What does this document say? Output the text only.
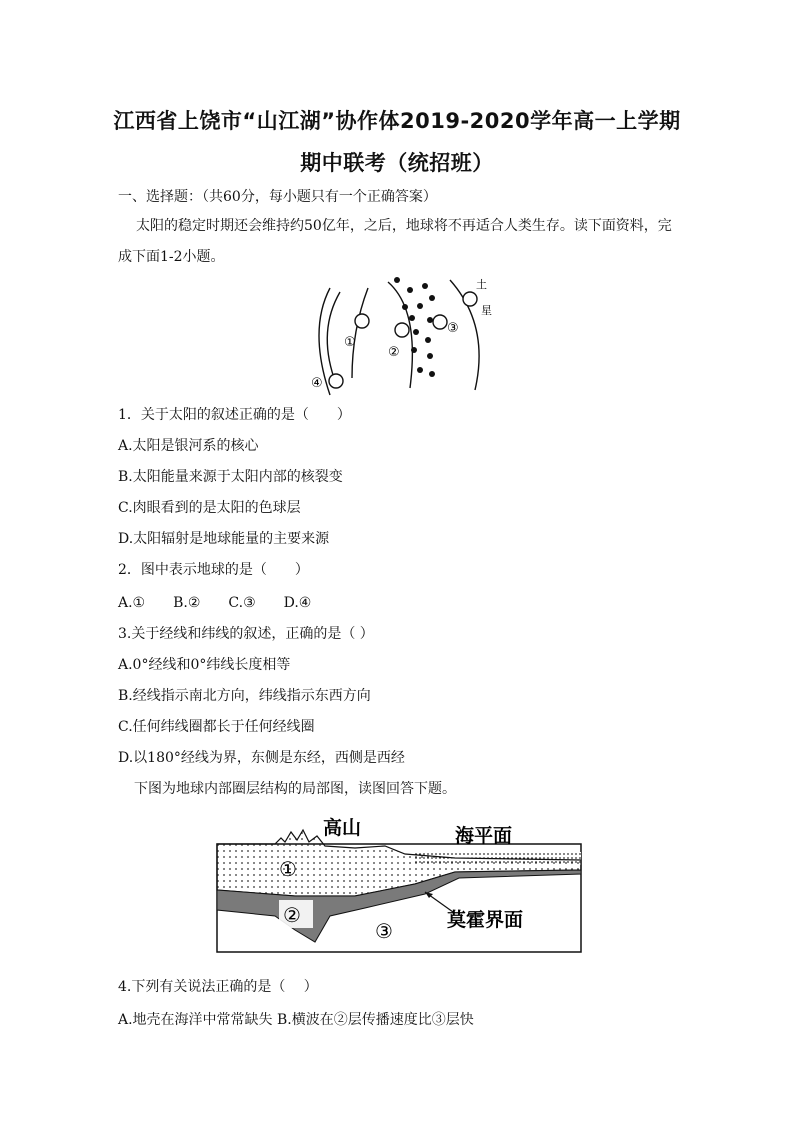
江西省上饶市“山江湖”协作体2019-2020学年高一上学期
期中联考（统招班）
一、选择题：（共60分，每小题只有一个正确答案）
太阳的稳定时期还会维持约50亿年，之后，地球将不再适合人类生存。读下面资料，完成下面1-2小题。
①
②
③
④
土
星
1．关于太阳的叙述正确的是（　　）
A.太阳是银河系的核心
B.太阳能量来源于太阳内部的核裂变
C.肉眼看到的是太阳的色球层
D.太阳辐射是地球能量的主要来源
2．图中表示地球的是（　　）
A.①　　B.②　　C.③　　D.④
3.关于经线和纬线的叙述，正确的是（ ）
A.0°经线和0°纬线长度相等
B.经线指示南北方向，纬线指示东西方向
C.任何纬线圈都长于任何经线圈
D.以180°经线为界，东侧是东经，西侧是西经
下图为地球内部圈层结构的局部图，读图回答下题。
②
①
③
高山	海平面
莫霍界面
4.下列有关说法正确的是（　 ）
A.地壳在海洋中常常缺失 B.横波在②层传播速度比③层快
